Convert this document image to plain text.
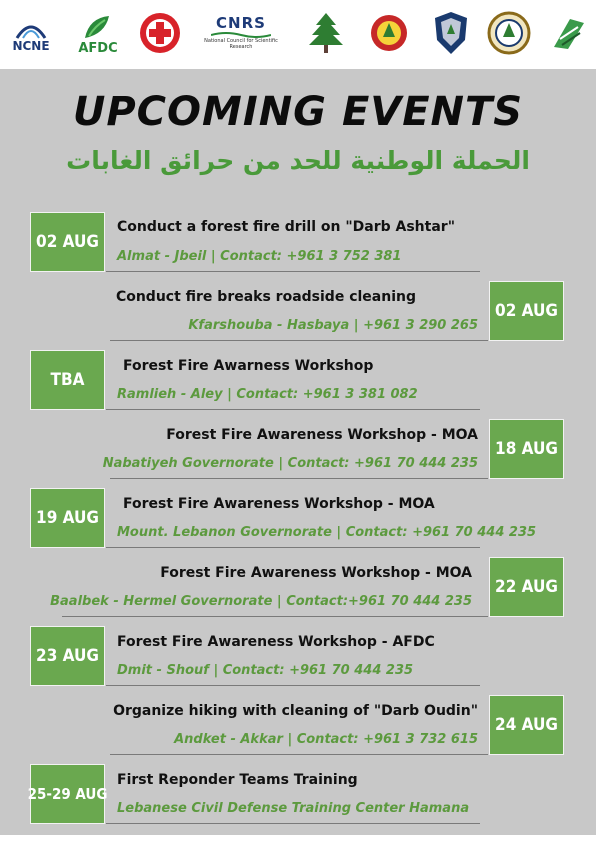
NCNE AFDC
CNRS
National Council for Scientific Research
UPCOMING EVENTS
الحملة الوطنية للحد من حرائق الغابات
02 AUG
Conduct a forest fire drill on "Darb Ashtar"
Almat - Jbeil | Contact: +961 3 752 381
02 AUG
Conduct fire breaks roadside cleaning
Kfarshouba - Hasbaya | +961 3 290 265
TBA
Forest Fire Awarness Workshop
Ramlieh - Aley | Contact: +961 3 381 082
18 AUG
Forest Fire Awareness Workshop - MOA
Nabatiyeh Governorate | Contact: +961 70 444 235
19 AUG
Forest Fire Awareness Workshop - MOA
Mount. Lebanon Governorate | Contact: +961 70 444 235
22 AUG
Forest Fire Awareness Workshop - MOA
Baalbek - Hermel Governorate | Contact:+961 70 444 235
23 AUG
Forest Fire Awareness Workshop - AFDC
Dmit - Shouf | Contact: +961 70 444 235
24 AUG
Organize hiking with cleaning of "Darb Oudin"
Andket - Akkar | Contact: +961 3 732 615
25-29 AUG
First Reponder Teams Training
Lebanese Civil Defense Training Center Hamana
